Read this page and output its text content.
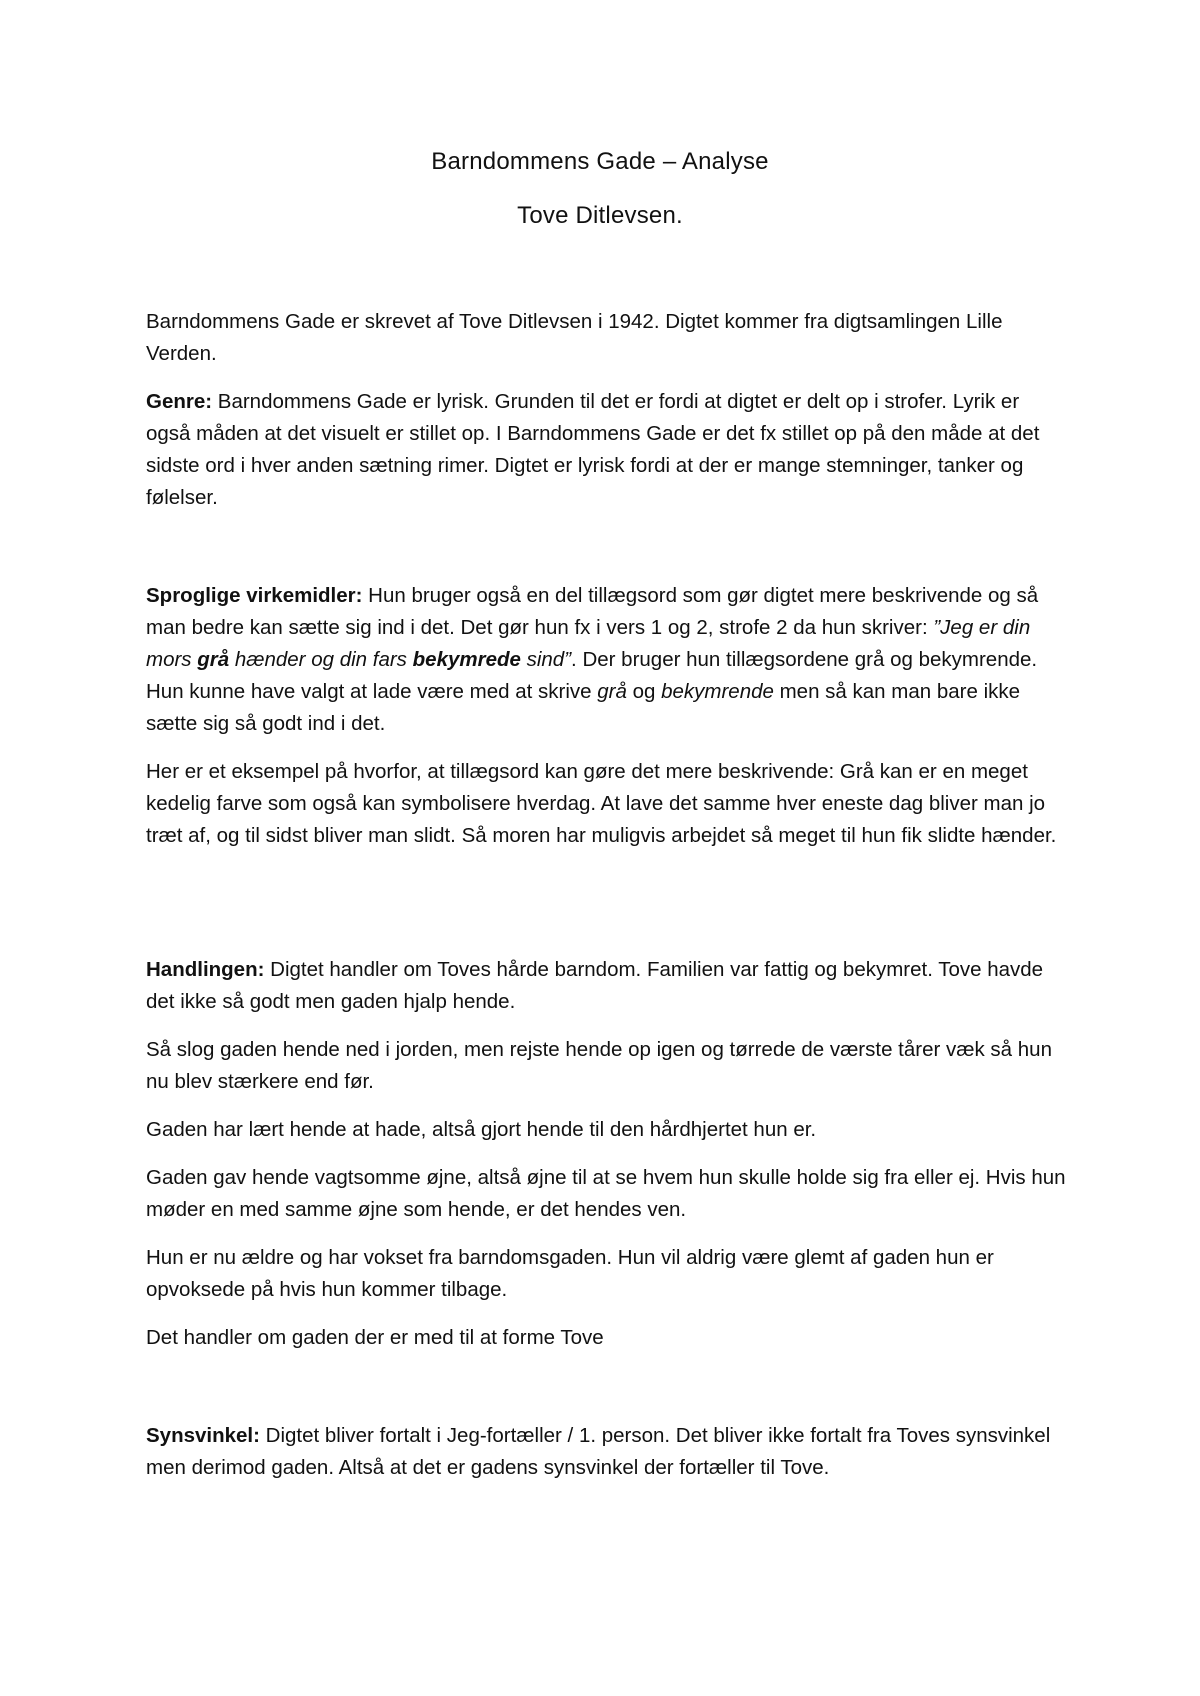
Barndommens Gade – Analyse
Tove Ditlevsen.

Barndommens Gade er skrevet af Tove Ditlevsen i 1942. Digtet kommer fra digtsamlingen Lille Verden.

Genre: Barndommens Gade er lyrisk. Grunden til det er fordi at digtet er delt op i strofer. Lyrik er også måden at det visuelt er stillet op. I Barndommens Gade er det fx stillet op på den måde at det sidste ord i hver anden sætning rimer. Digtet er lyrisk fordi at der er mange stemninger, tanker og følelser.

Sproglige virkemidler: Hun bruger også en del tillægsord som gør digtet mere beskrivende og så man bedre kan sætte sig ind i det. Det gør hun fx i vers 1 og 2, strofe 2 da hun skriver: ”Jeg er din mors grå hænder og din fars bekymrede sind”. Der bruger hun tillægsordene grå og bekymrende. Hun kunne have valgt at lade være med at skrive grå og bekymrende men så kan man bare ikke sætte sig så godt ind i det.

Her er et eksempel på hvorfor, at tillægsord kan gøre det mere beskrivende: Grå kan er en meget kedelig farve som også kan symbolisere hverdag. At lave det samme hver eneste dag bliver man jo træt af, og til sidst bliver man slidt. Så moren har muligvis arbejdet så meget til hun fik slidte hænder.

Handlingen: Digtet handler om Toves hårde barndom. Familien var fattig og bekymret. Tove havde det ikke så godt men gaden hjalp hende.

Så slog gaden hende ned i jorden, men rejste hende op igen og tørrede de værste tårer væk så hun nu blev stærkere end før.

Gaden har lært hende at hade, altså gjort hende til den hårdhjertet hun er.

Gaden gav hende vagtsomme øjne, altså øjne til at se hvem hun skulle holde sig fra eller ej. Hvis hun møder en med samme øjne som hende, er det hendes ven.

Hun er nu ældre og har vokset fra barndomsgaden. Hun vil aldrig være glemt af gaden hun er opvoksede på hvis hun kommer tilbage.

Det handler om gaden der er med til at forme Tove

Synsvinkel: Digtet bliver fortalt i Jeg-fortæller / 1. person. Det bliver ikke fortalt fra Toves synsvinkel men derimod gaden. Altså at det er gadens synsvinkel der fortæller til Tove.
